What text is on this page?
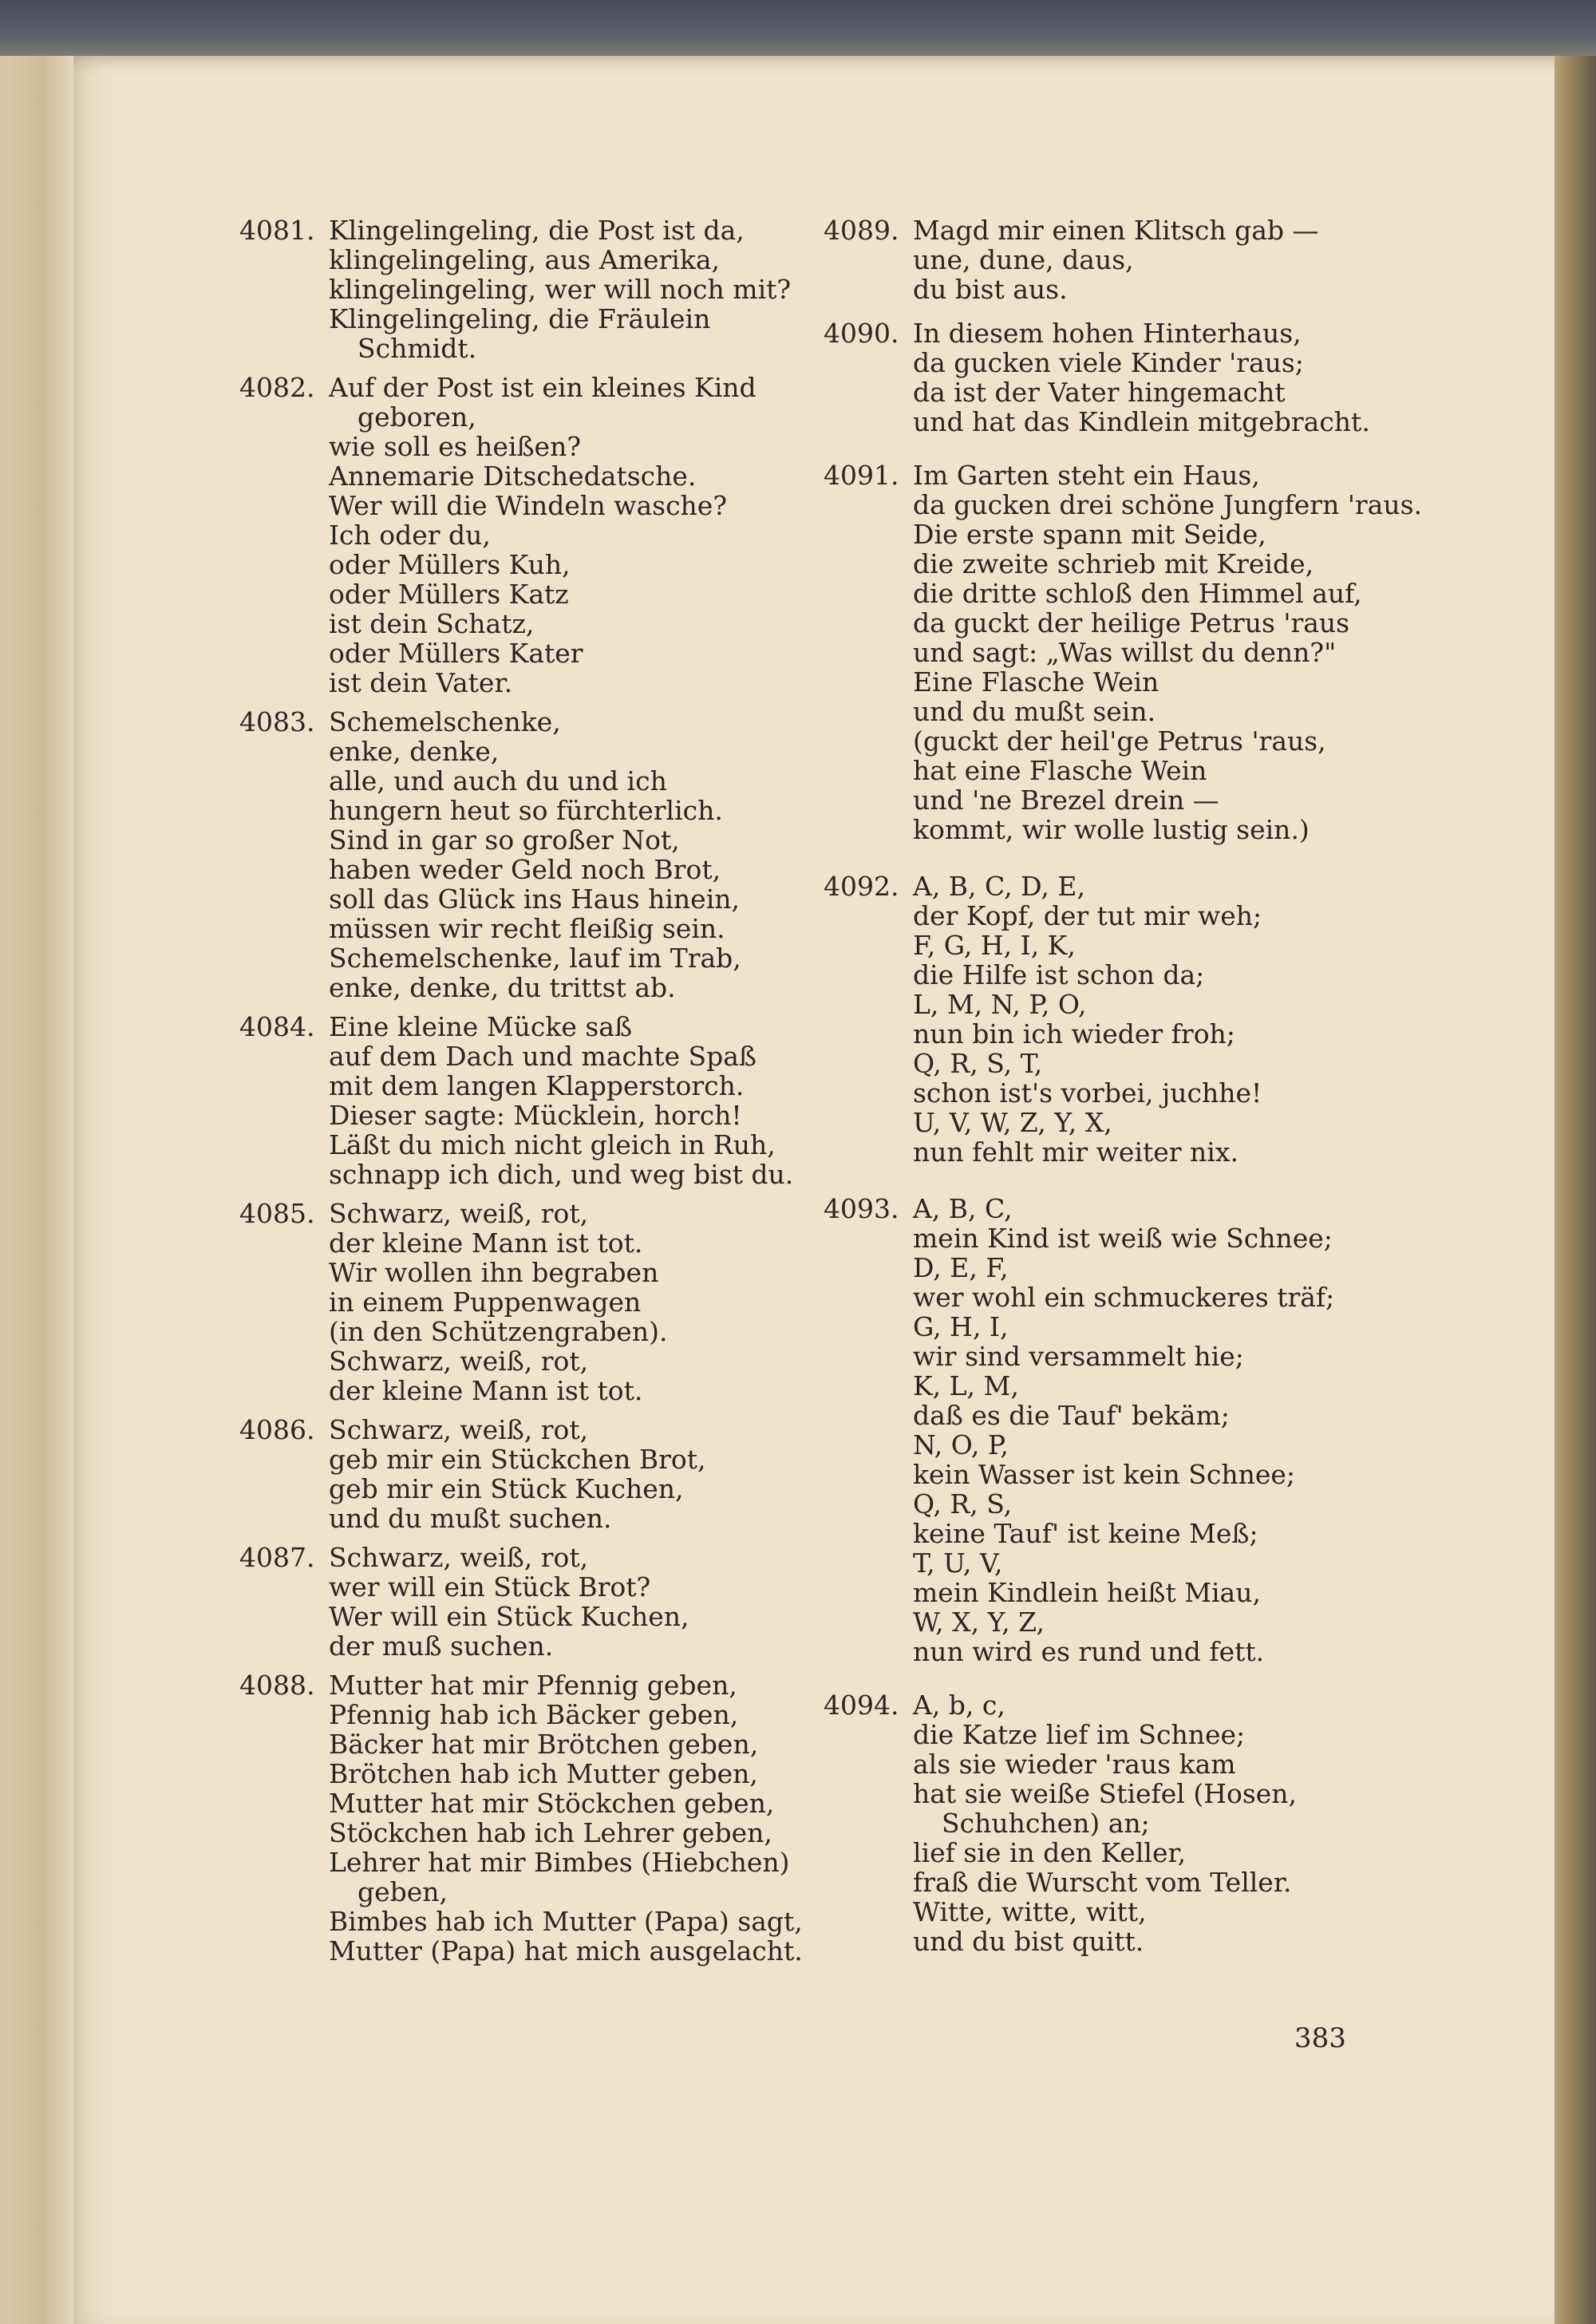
4081. Klingelingeling, die Post ist da,
klingelingeling, aus Amerika,
klingelingeling, wer will noch mit?
Klingelingeling, die Fräulein
Schmidt.
4082. Auf der Post ist ein kleines Kind
geboren,
wie soll es heißen?
Annemarie Ditschedatsche.
Wer will die Windeln wasche?
Ich oder du,
oder Müllers Kuh,
oder Müllers Katz
ist dein Schatz,
oder Müllers Kater
ist dein Vater.
4083. Schemelschenke,
enke, denke,
alle, und auch du und ich
hungern heut so fürchterlich.
Sind in gar so großer Not,
haben weder Geld noch Brot,
soll das Glück ins Haus hinein,
müssen wir recht fleißig sein.
Schemelschenke, lauf im Trab,
enke, denke, du trittst ab.
4084. Eine kleine Mücke saß
auf dem Dach und machte Spaß
mit dem langen Klapperstorch.
Dieser sagte: Mücklein, horch!
Läßt du mich nicht gleich in Ruh,
schnapp ich dich, und weg bist du.
4085. Schwarz, weiß, rot,
der kleine Mann ist tot.
Wir wollen ihn begraben
in einem Puppenwagen
(in den Schützengraben).
Schwarz, weiß, rot,
der kleine Mann ist tot.
4086. Schwarz, weiß, rot,
geb mir ein Stückchen Brot,
geb mir ein Stück Kuchen,
und du mußt suchen.
4087. Schwarz, weiß, rot,
wer will ein Stück Brot?
Wer will ein Stück Kuchen,
der muß suchen.
4088. Mutter hat mir Pfennig geben,
Pfennig hab ich Bäcker geben,
Bäcker hat mir Brötchen geben,
Brötchen hab ich Mutter geben,
Mutter hat mir Stöckchen geben,
Stöckchen hab ich Lehrer geben,
Lehrer hat mir Bimbes (Hiebchen)
geben,
Bimbes hab ich Mutter (Papa) sagt,
Mutter (Papa) hat mich ausgelacht.
4089. Magd mir einen Klitsch gab —
une, dune, daus,
du bist aus.
4090. In diesem hohen Hinterhaus,
da gucken viele Kinder 'raus;
da ist der Vater hingemacht
und hat das Kindlein mitgebracht.
4091. Im Garten steht ein Haus,
da gucken drei schöne Jungfern 'raus.
Die erste spann mit Seide,
die zweite schrieb mit Kreide,
die dritte schloß den Himmel auf,
da guckt der heilige Petrus 'raus
und sagt: „Was willst du denn?"
Eine Flasche Wein
und du mußt sein.
(guckt der heil'ge Petrus 'raus,
hat eine Flasche Wein
und 'ne Brezel drein —
kommt, wir wolle lustig sein.)
4092. A, B, C, D, E,
der Kopf, der tut mir weh;
F, G, H, I, K,
die Hilfe ist schon da;
L, M, N, P, O,
nun bin ich wieder froh;
Q, R, S, T,
schon ist's vorbei, juchhe!
U, V, W, Z, Y, X,
nun fehlt mir weiter nix.
4093. A, B, C,
mein Kind ist weiß wie Schnee;
D, E, F,
wer wohl ein schmuckeres träf;
G, H, I,
wir sind versammelt hie;
K, L, M,
daß es die Tauf' bekäm;
N, O, P,
kein Wasser ist kein Schnee;
Q, R, S,
keine Tauf' ist keine Meß;
T, U, V,
mein Kindlein heißt Miau,
W, X, Y, Z,
nun wird es rund und fett.
4094. A, b, c,
die Katze lief im Schnee;
als sie wieder 'raus kam
hat sie weiße Stiefel (Hosen,
Schuhchen) an;
lief sie in den Keller,
fraß die Wurscht vom Teller.
Witte, witte, witt,
und du bist quitt.
383
